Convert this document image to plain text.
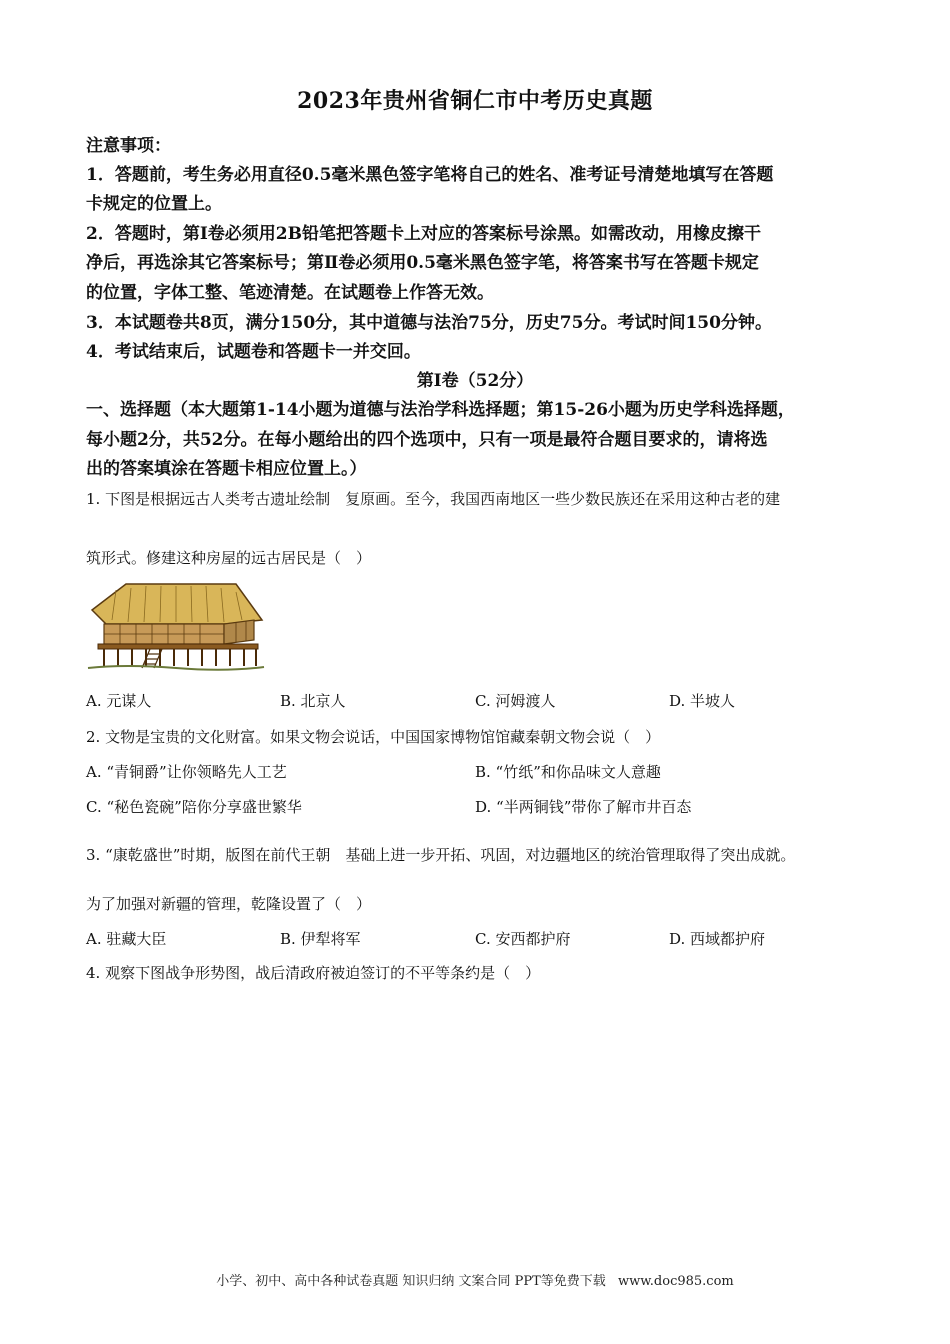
2023年贵州省铜仁市中考历史真题
注意事项：
1．答题前，考生务必用直径0.5毫米黑色签字笔将自己的姓名、准考证号清楚地填写在答题
卡规定的位置上。
2．答题时，第Ⅰ卷必须用2B铅笔把答题卡上对应的答案标号涂黑。如需改动，用橡皮擦干
净后，再选涂其它答案标号；第Ⅱ卷必须用0.5毫米黑色签字笔，将答案书写在答题卡规定
的位置，字体工整、笔迹清楚。在试题卷上作答无效。
3．本试题卷共8页，满分150分，其中道德与法治75分，历史75分。考试时间150分钟。
4．考试结束后，试题卷和答题卡一并交回。
第Ⅰ卷（52分）
一、选择题（本大题第1-14小题为道德与法治学科选择题；第15-26小题为历史学科选择题，
每小题2分，共52分。在每小题给出的四个选项中，只有一项是最符合题目要求的，请将选
出的答案填涂在答题卡相应位置上。）
1. 下图是根据远古人类考古遗址绘制　复原画。至今，我国西南地区一些少数民族还在采用这种古老的建
筑形式。修建这种房屋的远古居民是（　）
A. 元谋人	B. 北京人	C. 河姆渡人	D. 半坡人
2. 文物是宝贵的文化财富。如果文物会说话，中国国家博物馆馆藏秦朝文物会说（　）
A. “青铜爵”让你领略先人工艺	B. “竹纸”和你品味文人意趣
C. “秘色瓷碗”陪你分享盛世繁华	D. “半两铜钱”带你了解市井百态
3. “康乾盛世”时期，版图在前代王朝　基础上进一步开拓、巩固，对边疆地区的统治管理取得了突出成就。
为了加强对新疆的管理，乾隆设置了（　）
A. 驻藏大臣	B. 伊犁将军	C. 安西都护府	D. 西域都护府
4. 观察下图战争形势图，战后清政府被迫签订的不平等条约是（　）
小学、初中、高中各种试卷真题 知识归纳 文案合同 PPT等免费下载 www.doc985.com
